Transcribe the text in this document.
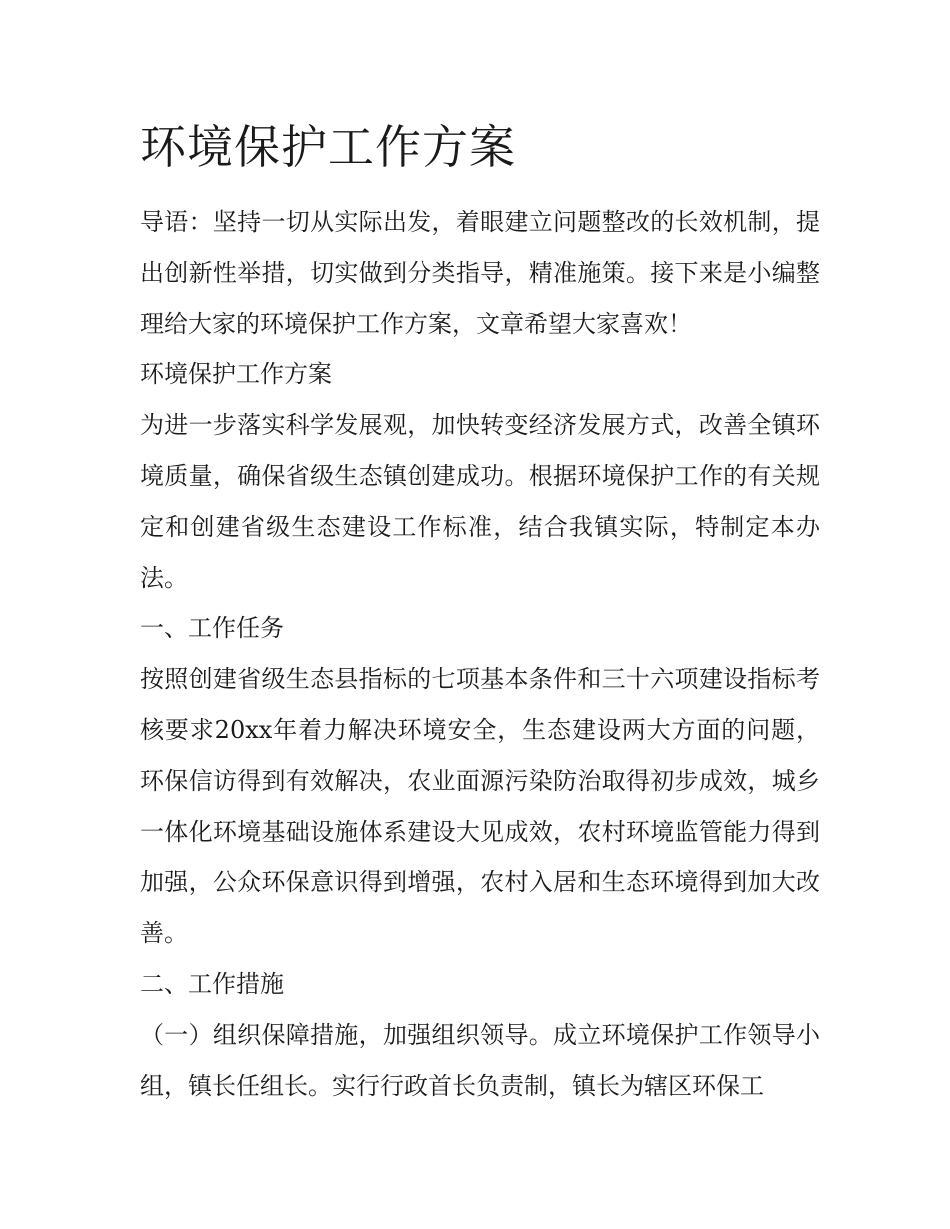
环境保护工作方案

导语：坚持一切从实际出发，着眼建立问题整改的长效机制，提出创新性举措，切实做到分类指导，精准施策。接下来是小编整理给大家的环境保护工作方案，文章希望大家喜欢！

环境保护工作方案

为进一步落实科学发展观，加快转变经济发展方式，改善全镇环境质量，确保省级生态镇创建成功。根据环境保护工作的有关规定和创建省级生态建设工作标准，结合我镇实际，特制定本办法。

一、工作任务

按照创建省级生态县指标的七项基本条件和三十六项建设指标考核要求20xx年着力解决环境安全，生态建设两大方面的问题，环保信访得到有效解决，农业面源污染防治取得初步成效，城乡一体化环境基础设施体系建设大见成效，农村环境监管能力得到加强，公众环保意识得到增强，农村入居和生态环境得到加大改善。

二、工作措施

（一）组织保障措施，加强组织领导。成立环境保护工作领导小组，镇长任组长。实行行政首长负责制，镇长为辖区环保工
